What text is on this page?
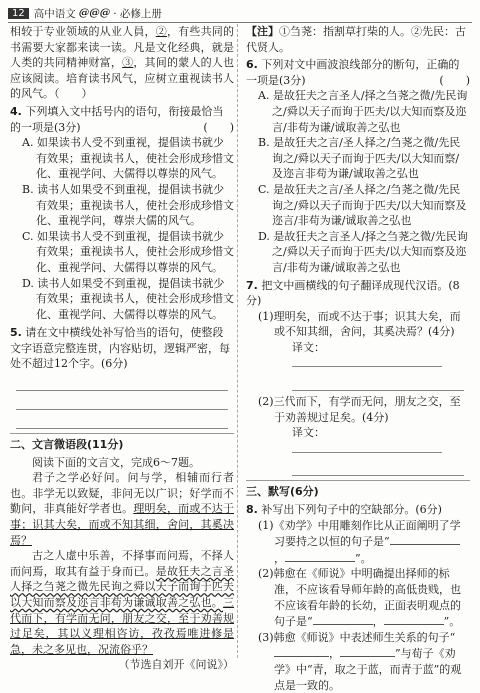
12 高中语文 @@@ · 必修上册

相较于专业领域的从业人員，②，有些共同的书需要大家都来读一读。凡是文化经典，就是人类的共同精神财富，③，其间的蒙人的人也应该阅读。培育读书风气，应树立重视读书人的风气。（　　）

4. 下列填入文中括号内的语句，衔接最恰当的一项是(3分)	(　　)

A. 如果读书人受不到重视，提倡读书就少有效果；重视读书人，使社会形成珍惜文化、重视学问、大儒得以尊崇的风气。

B. 读书人如果受不到重视，提倡读书就少有效果；重视读书人，使社会形成珍惜文化、重视学问，尊崇大儒的风气。

C. 如果读书人受不到重视，提倡读书就少有效果；重视读书人，使社会形成珍惜文化、重视学问、大儒得以尊崇的风气。

D. 读书人如果受不到重视，提倡读书就少有效果；重视读书人，使社会形成珍惜文化、重视学问、大儒得以尊崇的风气。

5. 请在文中横线处补写恰当的语句，使整段文字语意完整连贯，内容贴切，逻辑严密，每处不超过12个字。(6分)

二、文言微语段(11分)

阅读下面的文言文，完成6～7题。

君子之学必好问。问与学，相辅而行者也。非学无以致疑，非问无以广识；好学而不勤问，非真能好学者也。理明矣，而或不达于事；识其大矣，而或不知其细，舍问，其奚决焉？

古之人虚中乐善，不择事而问焉，不择人而问焉，取其有益于身而已。是故狂夫之言圣人择之刍荛之微先民询之舜以天子而询于匹夫以大知而察及迩言非苟为谦诚取善之弘也。三代而下，有学而无问，朋友之交，至于劝善规过足矣，其以义理相咨访，孜孜焉唯进修是急，未之多见也，况流俗乎？

（节选自刘开《问说》）

【注】①刍荛：指割草打柴的人。②先民：古代贤人。

6. 下列对文中画波浪线部分的断句，正确的一项是(3分)	(　　)

A. 是故狂夫之言圣人/择之刍荛之微/先民询之/舜以天子而询于匹夫/以大知而察及迩言/非苟为谦/诚取善之弘也

B. 是故狂夫之言/圣人择之/刍荛之微/先民询之/舜以天子而询于匹夫/以大知而察/及迩言非苟为谦/诚取善之弘也

C. 是故狂夫之言/圣人择之/刍荛之微/先民询之/舜以天子而询于匹夫/以大知而察及迩言/非苟为谦/诚取善之弘也

D. 是故狂夫之言圣人/择之刍荛之微/先民询之/舜以天子而询于匹夫/以大知而察及迩言/非苟为谦/诚取善之弘也

7. 把文中画横线的句子翻译成现代汉语。(8分)

(1)理明矣，而或不达于事；识其大矣，而或不知其细，舍问，其奚决焉？(4分)

译文：

(2)三代而下，有学而无问，朋友之交，至于劝善规过足矣。(4分)

译文：

三、默写(6分)

8. 补写出下列句子中的空缺部分。(6分)

(1)《劝学》中用雕刻作比从正面阐明了学习要持之以恒的句子是“，	”。

(2)韩愈在《师说》中明确提出择师的标准，不应该看导师年龄的高低贵贱，也不应该看年龄的长幼，正面表明观点的句子是“	，	”。

(3)韩愈《师说》中表述师生关系的句子“，	”与荀子《劝学》中“青，取之于蓝，而青于蓝”的观点是一致的。
